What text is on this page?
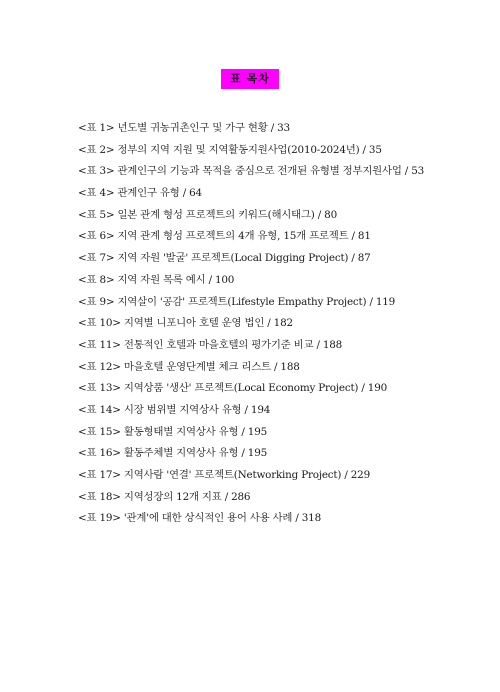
표 목차
<표 1> 년도별 귀농귀촌인구 및 가구 현황 / 33
<표 2> 정부의 지역 지원 및 지역활동지원사업(2010-2024년) / 35
<표 3> 관계인구의 기능과 목적을 중심으로 전개된 유형별 정부지원사업 / 53
<표 4> 관계인구 유형 / 64
<표 5> 일본 관계 형성 프로젝트의 키워드(해시태그) / 80
<표 6> 지역 관계 형성 프로젝트의 4개 유형, 15개 프로젝트 / 81
<표 7> 지역 자원 '발굴' 프로젝트(Local Digging Project) / 87
<표 8> 지역 자원 목록 예시 / 100
<표 9> 지역살이 '공감' 프로젝트(Lifestyle Empathy Project) / 119
<표 10> 지역별 니포니아 호텔 운영 법인 / 182
<표 11> 전통적인 호텔과 마을호텔의 평가기준 비교 / 188
<표 12> 마을호텔 운영단계별 체크 리스트 / 188
<표 13> 지역상품 '생산' 프로젝트(Local Economy Project) / 190
<표 14> 시장 범위별 지역상사 유형 / 194
<표 15> 활동형태별 지역상사 유형 / 195
<표 16> 활동주체별 지역상사 유형 / 195
<표 17> 지역사람 '연결' 프로젝트(Networking Project) / 229
<표 18> 지역성장의 12개 지표 / 286
<표 19> '관계'에 대한 상식적인 용어 사용 사례 / 318
